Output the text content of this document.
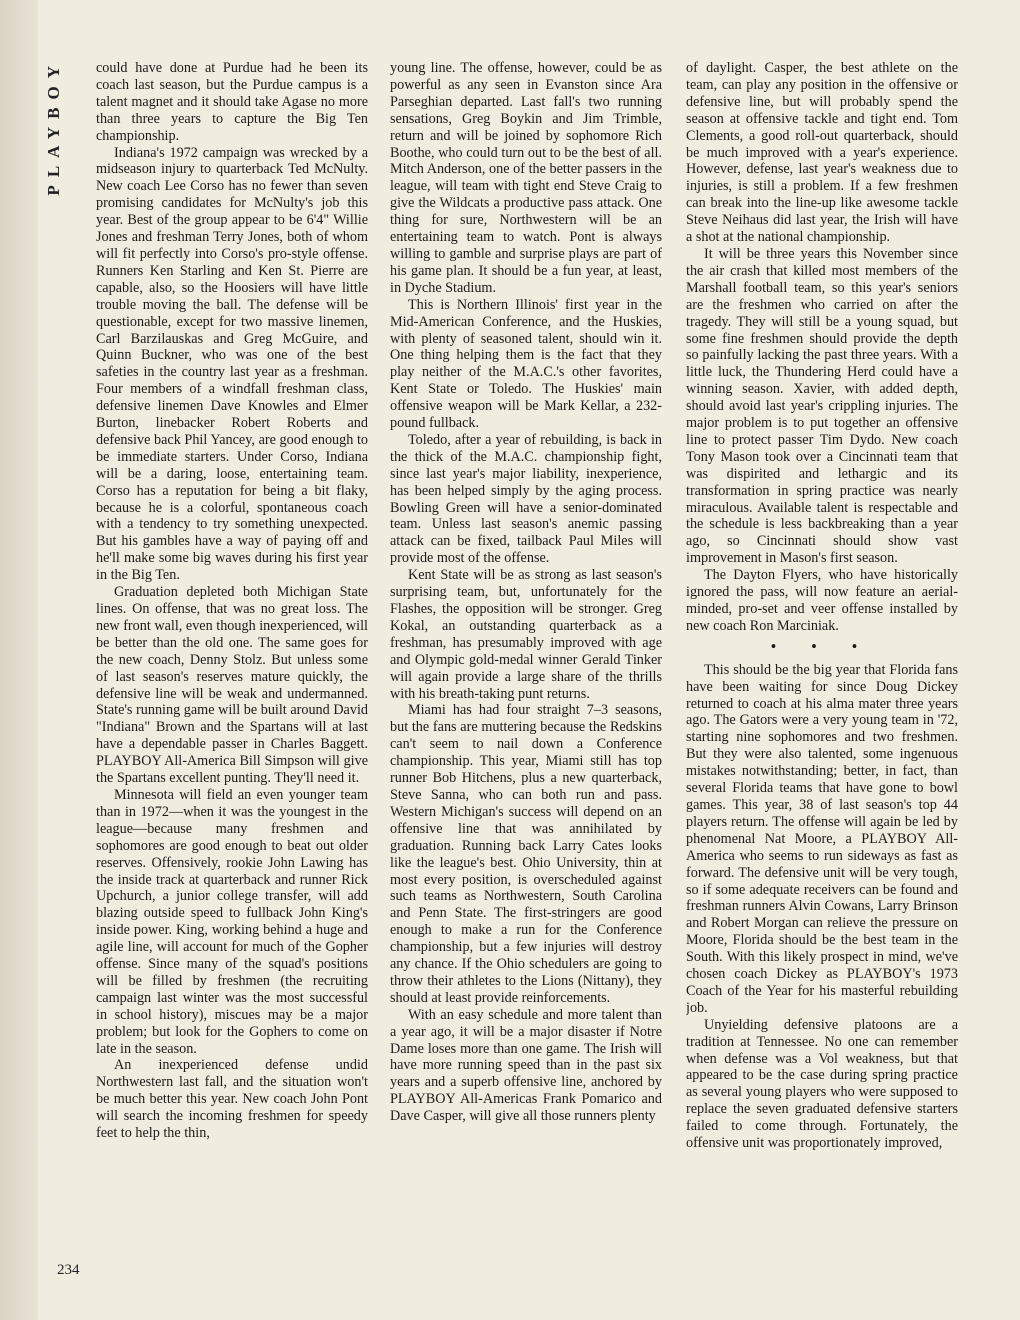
PLAYBOY
234

could have done at Purdue had he been its coach last season, but the Purdue campus is a talent magnet and it should take Agase no more than three years to capture the Big Ten championship.

Indiana's 1972 campaign was wrecked by a midseason injury to quarterback Ted McNulty. New coach Lee Corso has no fewer than seven promising candidates for McNulty's job this year. Best of the group appear to be 6'4" Willie Jones and freshman Terry Jones, both of whom will fit perfectly into Corso's pro-style offense. Runners Ken Starling and Ken St. Pierre are capable, also, so the Hoosiers will have little trouble moving the ball. The defense will be questionable, except for two massive linemen, Carl Barzilauskas and Greg McGuire, and Quinn Buckner, who was one of the best safeties in the country last year as a freshman. Four members of a windfall freshman class, defensive linemen Dave Knowles and Elmer Burton, linebacker Robert Roberts and defensive back Phil Yancey, are good enough to be immediate starters. Under Corso, Indiana will be a daring, loose, entertaining team. Corso has a reputation for being a bit flaky, because he is a colorful, spontaneous coach with a tendency to try something unexpected. But his gambles have a way of paying off and he'll make some big waves during his first year in the Big Ten.

Graduation depleted both Michigan State lines. On offense, that was no great loss. The new front wall, even though inexperienced, will be better than the old one. The same goes for the new coach, Denny Stolz. But unless some of last season's reserves mature quickly, the defensive line will be weak and undermanned. State's running game will be built around David "Indiana" Brown and the Spartans will at last have a dependable passer in Charles Baggett. PLAYBOY All-America Bill Simpson will give the Spartans excellent punting. They'll need it.

Minnesota will field an even younger team than in 1972—when it was the youngest in the league—because many freshmen and sophomores are good enough to beat out older reserves. Offensively, rookie John Lawing has the inside track at quarterback and runner Rick Upchurch, a junior college transfer, will add blazing outside speed to fullback John King's inside power. King, working behind a huge and agile line, will account for much of the Gopher offense. Since many of the squad's positions will be filled by freshmen (the recruiting campaign last winter was the most successful in school history), miscues may be a major problem; but look for the Gophers to come on late in the season.

An inexperienced defense undid Northwestern last fall, and the situation won't be much better this year. New coach John Pont will search the incoming freshmen for speedy feet to help the thin,

young line. The offense, however, could be as powerful as any seen in Evanston since Ara Parseghian departed. Last fall's two running sensations, Greg Boykin and Jim Trimble, return and will be joined by sophomore Rich Boothe, who could turn out to be the best of all. Mitch Anderson, one of the better passers in the league, will team with tight end Steve Craig to give the Wildcats a productive pass attack. One thing for sure, Northwestern will be an entertaining team to watch. Pont is always willing to gamble and surprise plays are part of his game plan. It should be a fun year, at least, in Dyche Stadium.

This is Northern Illinois' first year in the Mid-American Conference, and the Huskies, with plenty of seasoned talent, should win it. One thing helping them is the fact that they play neither of the M.A.C.'s other favorites, Kent State or Toledo. The Huskies' main offensive weapon will be Mark Kellar, a 232-pound fullback.

Toledo, after a year of rebuilding, is back in the thick of the M.A.C. championship fight, since last year's major liability, inexperience, has been helped simply by the aging process. Bowling Green will have a senior-dominated team. Unless last season's anemic passing attack can be fixed, tailback Paul Miles will provide most of the offense.

Kent State will be as strong as last season's surprising team, but, unfortunately for the Flashes, the opposition will be stronger. Greg Kokal, an outstanding quarterback as a freshman, has presumably improved with age and Olympic gold-medal winner Gerald Tinker will again provide a large share of the thrills with his breath-taking punt returns.

Miami has had four straight 7–3 seasons, but the fans are muttering because the Redskins can't seem to nail down a Conference championship. This year, Miami still has top runner Bob Hitchens, plus a new quarterback, Steve Sanna, who can both run and pass. Western Michigan's success will depend on an offensive line that was annihilated by graduation. Running back Larry Cates looks like the league's best. Ohio University, thin at most every position, is overscheduled against such teams as Northwestern, South Carolina and Penn State. The first-stringers are good enough to make a run for the Conference championship, but a few injuries will destroy any chance. If the Ohio schedulers are going to throw their athletes to the Lions (Nittany), they should at least provide reinforcements.

With an easy schedule and more talent than a year ago, it will be a major disaster if Notre Dame loses more than one game. The Irish will have more running speed than in the past six years and a superb offensive line, anchored by PLAYBOY All-Americas Frank Pomarico and Dave Casper, will give all those runners plenty

of daylight. Casper, the best athlete on the team, can play any position in the offensive or defensive line, but will probably spend the season at offensive tackle and tight end. Tom Clements, a good roll-out quarterback, should be much improved with a year's experience. However, defense, last year's weakness due to injuries, is still a problem. If a few freshmen can break into the line-up like awesome tackle Steve Neihaus did last year, the Irish will have a shot at the national championship.

It will be three years this November since the air crash that killed most members of the Marshall football team, so this year's seniors are the freshmen who carried on after the tragedy. They will still be a young squad, but some fine freshmen should provide the depth so painfully lacking the past three years. With a little luck, the Thundering Herd could have a winning season. Xavier, with added depth, should avoid last year's crippling injuries. The major problem is to put together an offensive line to protect passer Tim Dydo. New coach Tony Mason took over a Cincinnati team that was dispirited and lethargic and its transformation in spring practice was nearly miraculous. Available talent is respectable and the schedule is less backbreaking than a year ago, so Cincinnati should show vast improvement in Mason's first season.

The Dayton Flyers, who have historically ignored the pass, will now feature an aerial-minded, pro-set and veer offense installed by new coach Ron Marciniak.

• • •

This should be the big year that Florida fans have been waiting for since Doug Dickey returned to coach at his alma mater three years ago. The Gators were a very young team in '72, starting nine sophomores and two freshmen. But they were also talented, some ingenuous mistakes notwithstanding; better, in fact, than several Florida teams that have gone to bowl games. This year, 38 of last season's top 44 players return. The offense will again be led by phenomenal Nat Moore, a PLAYBOY All-America who seems to run sideways as fast as forward. The defensive unit will be very tough, so if some adequate receivers can be found and freshman runners Alvin Cowans, Larry Brinson and Robert Morgan can relieve the pressure on Moore, Florida should be the best team in the South. With this likely prospect in mind, we've chosen coach Dickey as PLAYBOY's 1973 Coach of the Year for his masterful rebuilding job.

Unyielding defensive platoons are a tradition at Tennessee. No one can remember when defense was a Vol weakness, but that appeared to be the case during spring practice as several young players who were supposed to replace the seven graduated defensive starters failed to come through. Fortunately, the offensive unit was proportionately improved,
